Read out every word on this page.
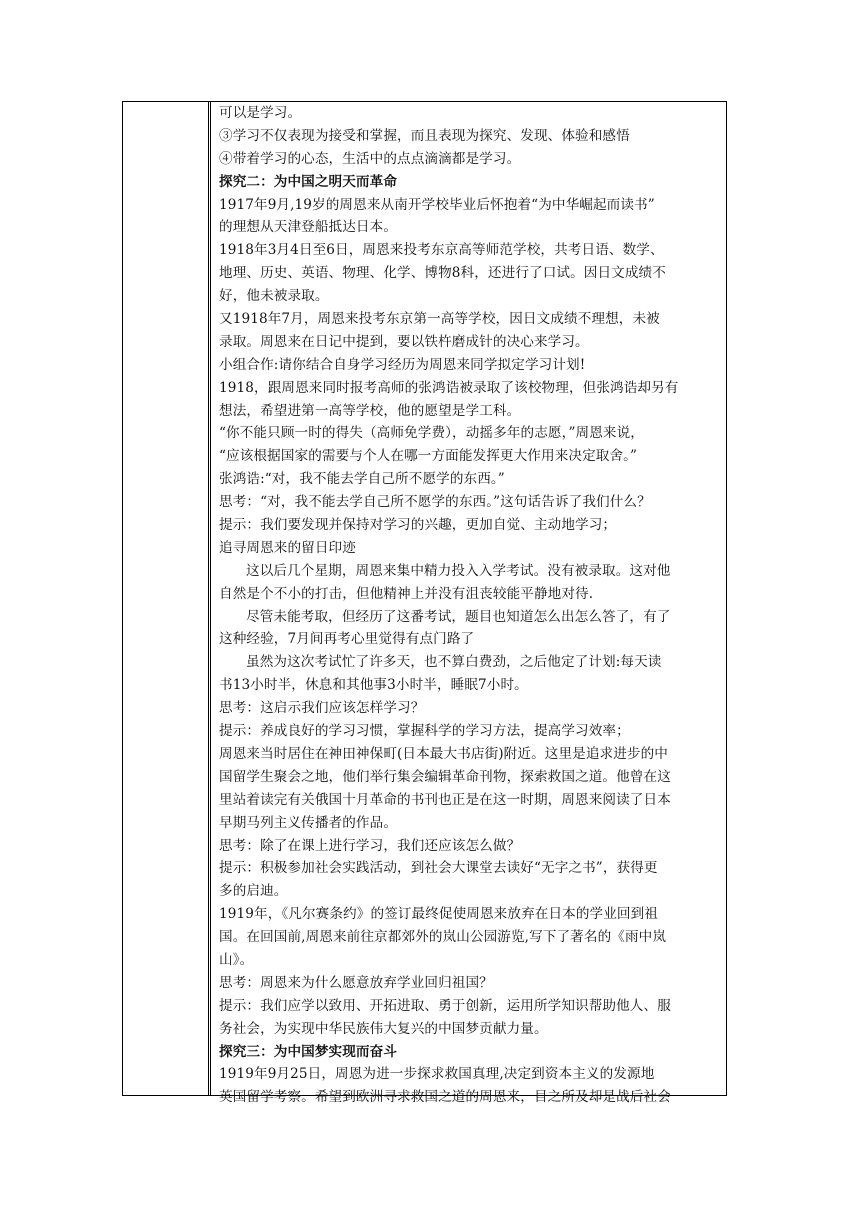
可以是学习。
③学习不仅表现为接受和掌握，而且表现为探究、发现、体验和感悟
④带着学习的心态，生活中的点点滴滴都是学习。
探究二：为中国之明天而革命
1917年9月,19岁的周恩来从南开学校毕业后怀抱着“为中华崛起而读书”
的理想从天津登船抵达日本。
1918年3月4日至6日，周恩来投考东京高等师范学校，共考日语、数学、
地理、历史、英语、物理、化学、博物8科，还进行了口试。因日文成绩不
好，他未被录取。
又1918年7月，周恩来投考东京第一高等学校，因日文成绩不理想，未被
录取。周恩来在日记中提到，要以铁杵磨成针的决心来学习。
小组合作:请你结合自身学习经历为周恩来同学拟定学习计划!
1918，跟周恩来同时报考高师的张鸿诰被录取了该校物理，但张鸿诰却另有
想法，希望进第一高等学校，他的愿望是学工科。
“你不能只顾一时的得失（高师免学费），动摇多年的志愿，”周恩来说，
“应该根据国家的需要与个人在哪一方面能发挥更大作用来决定取舍。”
张鸿诰:“对，我不能去学自己所不愿学的东西。”
思考：“对，我不能去学自己所不愿学的东西。”这句话告诉了我们什么？
提示：我们要发现并保持对学习的兴趣，更加自觉、主动地学习；
追寻周恩来的留日印迹
这以后几个星期，周恩来集中精力投入入学考试。没有被录取。这对他
自然是个不小的打击，但他精神上并没有沮丧较能平静地对待.
尽管未能考取，但经历了这番考试，题目也知道怎么出怎么答了，有了
这种经验，7月间再考心里觉得有点门路了
虽然为这次考试忙了许多天，也不算白费劲，之后他定了计划:每天读
书13小时半，休息和其他事3小时半，睡眠7小时。
思考：这启示我们应该怎样学习？
提示：养成良好的学习习惯，掌握科学的学习方法，提高学习效率；
周恩来当时居住在神田神保町(日本最大书店街)附近。这里是追求进步的中
国留学生聚会之地，他们举行集会编辑革命刊物，探索救国之道。他曾在这
里站着读完有关俄国十月革命的书刊也正是在这一时期，周恩来阅读了日本
早期马列主义传播者的作品。
思考：除了在课上进行学习，我们还应该怎么做？
提示：积极参加社会实践活动，到社会大课堂去读好“无字之书”，获得更
多的启迪。
1919年，《凡尔赛条约》的签订最终促使周恩来放弃在日本的学业回到祖
国。在回国前,周恩来前往京都郊外的岚山公园游览,写下了著名的《雨中岚
山》。
思考：周恩来为什么愿意放弃学业回归祖国？
提示：我们应学以致用、开拓进取、勇于创新，运用所学知识帮助他人、服
务社会，为实现中华民族伟大复兴的中国梦贡献力量。
探究三：为中国梦实现而奋斗
1919年9月25日，周恩为进一步探求救国真理,决定到资本主义的发源地
英国留学考察。希望到欧洲寻求救国之道的周恩来，目之所及却是战后社会
